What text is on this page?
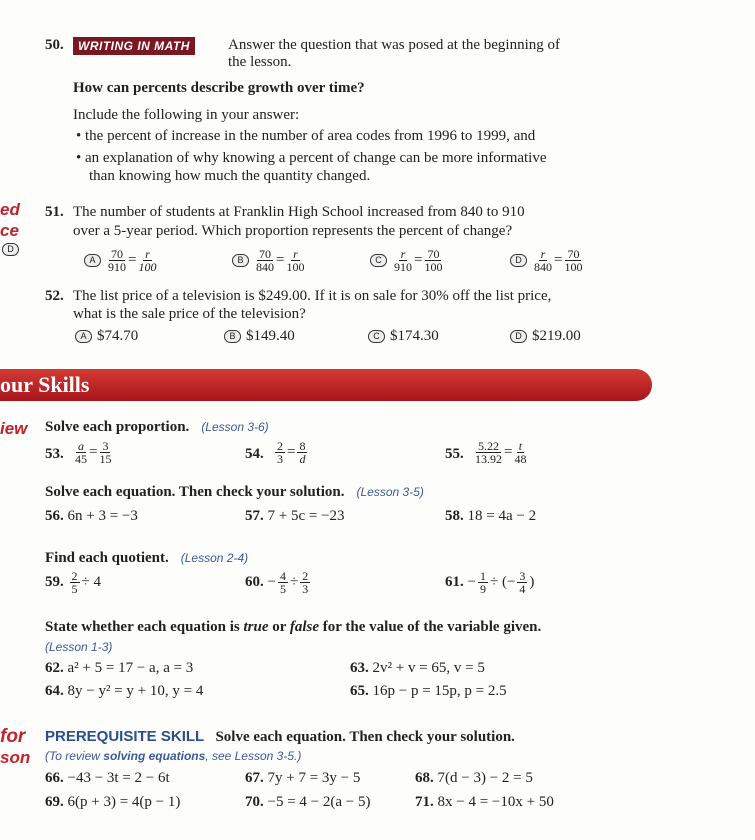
ed
ce
D
iew
for
son
50.	WRITING IN MATH	Answer the question that was posed at the beginning of
the lesson.
How can percents describe growth over time?
Include the following in your answer:
• the percent of increase in the number of area codes from 1996 to 1999, and
• an explanation of why knowing a percent of change can be more informative
than knowing how much the quantity changed.
51. The number of students at Franklin High School increased from 840 to 910
over a 5-year period. Which proportion represents the percent of change?
A $\frac{70}{910} = \frac{r}{100}$	B $\frac{70}{840} = \frac{r}{100}$	C $\frac{r}{910} = \frac{70}{100}$	D $\frac{r}{840} = \frac{70}{100}$
52. The list price of a television is $249.00. If it is on sale for 30% off the list price,
what is the sale price of the television?
A $74.70	B $149.40	C $174.30	D $219.00
our Skills
Solve each proportion. (Lesson 3-6)
53. $\frac{a}{45} = \frac{3}{15}$	54. $\frac{2}{3} = \frac{8}{d}$	55. $\frac{5.22}{13.92} = \frac{t}{48}$
Solve each equation. Then check your solution. (Lesson 3-5)
56. 6n + 3 = −3	57. 7 + 5c = −23	58. 18 = 4a − 2
Find each quotient. (Lesson 2-4)
59. $\frac{2}{5} \div 4$	60. − $\frac{4}{5} \div \frac{2}{3}$	61. − $\frac{1}{9}$ ÷ (− $\frac{3}{4}$ )
State whether each equation is true or false for the value of the variable given.
(Lesson 1-3)
62. a² + 5 = 17 − a, a = 3	63. 2v² + v = 65, v = 5
64. 8y − y² = y + 10, y = 4	65. 16p − p = 15p, p = 2.5
PREREQUISITE SKILL Solve each equation. Then check your solution.
(To review solving equations, see Lesson 3-5.)
66. −43 − 3t = 2 − 6t	67. 7y + 7 = 3y − 5	68. 7(d − 3) − 2 = 5
69. 6(p + 3) = 4(p − 1)	70. −5 = 4 − 2(a − 5)	71. 8x − 4 = −10x + 50
